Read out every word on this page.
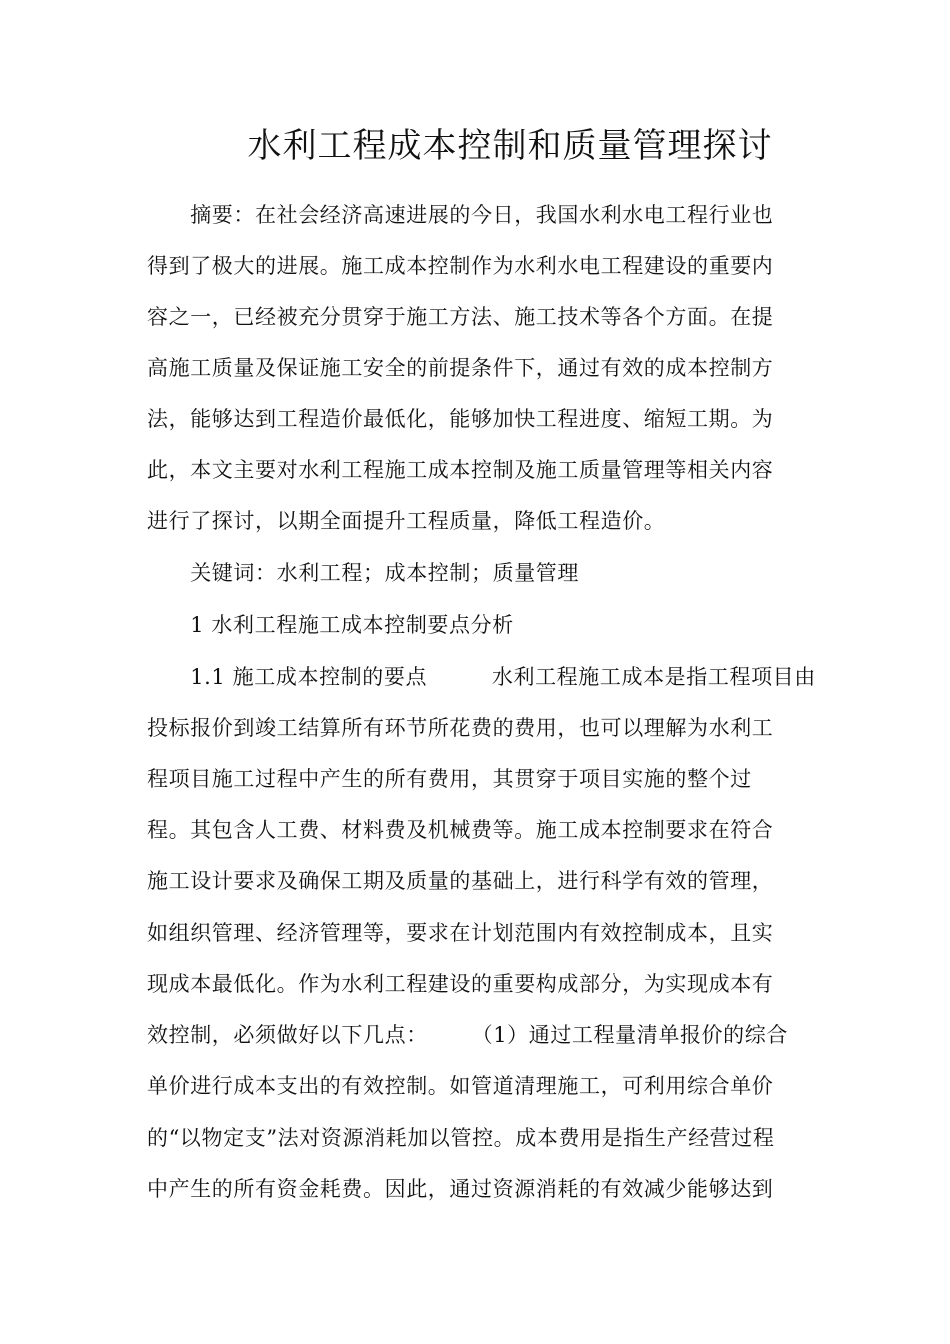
水利工程成本控制和质量管理探讨
　　摘要：在社会经济高速进展的今日，我国水利水电工程行业也
得到了极大的进展。施工成本控制作为水利水电工程建设的重要内
容之一，已经被充分贯穿于施工方法、施工技术等各个方面。在提
高施工质量及保证施工安全的前提条件下，通过有效的成本控制方
法，能够达到工程造价最低化，能够加快工程进度、缩短工期。为
此，本文主要对水利工程施工成本控制及施工质量管理等相关内容
进行了探讨，以期全面提升工程质量，降低工程造价。
　　关键词：水利工程；成本控制；质量管理
　　1 水利工程施工成本控制要点分析
　　1.1 施工成本控制的要点　　　水利工程施工成本是指工程项目由
投标报价到竣工结算所有环节所花费的费用，也可以理解为水利工
程项目施工过程中产生的所有费用，其贯穿于项目实施的整个过
程。其包含人工费、材料费及机械费等。施工成本控制要求在符合
施工设计要求及确保工期及质量的基础上，进行科学有效的管理，
如组织管理、经济管理等，要求在计划范围内有效控制成本，且实
现成本最低化。作为水利工程建设的重要构成部分，为实现成本有
效控制，必须做好以下几点：　　　（1）通过工程量清单报价的综合
单价进行成本支出的有效控制。如管道清理施工，可利用综合单价
的“以物定支”法对资源消耗加以管控。成本费用是指生产经营过程
中产生的所有资金耗费。因此，通过资源消耗的有效减少能够达到
